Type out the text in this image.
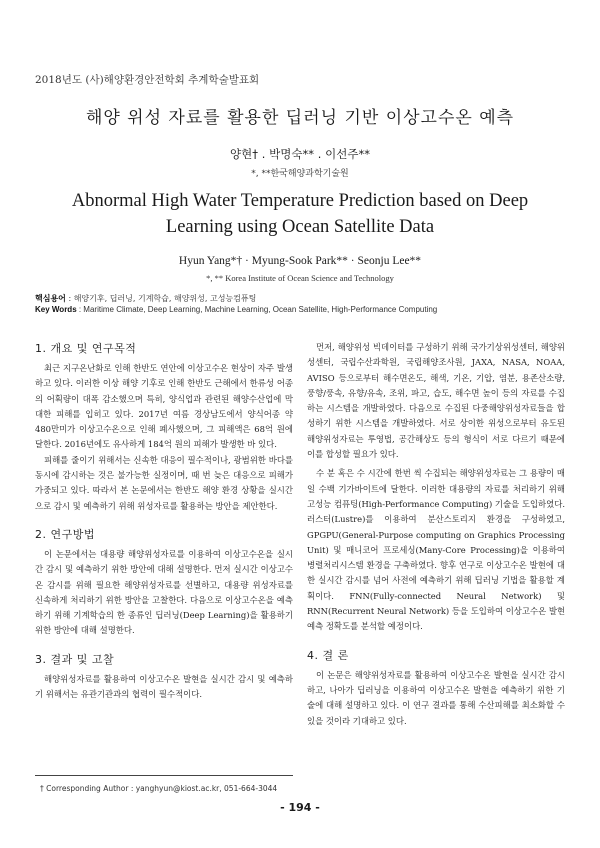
2018년도 (사)해양환경안전학회 추계학술발표회
해양 위성 자료를 활용한 딥러닝 기반 이상고수온 예측
양현† ․ 박명숙** ․ 이선주**
*, **한국해양과학기술원
Abnormal High Water Temperature Prediction based on Deep Learning using Ocean Satellite Data
Hyun Yang*† · Myung-Sook Park** · Seonju Lee**
*, ** Korea Institute of Ocean Science and Technology
핵심용어 : 해양기후, 딥러닝, 기계학습, 해양위성, 고성능컴퓨팅
Key Words : Maritime Climate, Deep Learning, Machine Learning, Ocean Satellite, High-Performance Computing
1. 개요 및 연구목적

최근 지구온난화로 인해 한반도 연안에 이상고수온 현상이 자주 발생하고 있다. 이러한 이상 해양 기후로 인해 한반도 근해에서 한류성 어종의 어획량이 대폭 감소했으며 특히, 양식업과 관련된 해양수산업에 막대한 피해를 입히고 있다. 2017년 여름 경상남도에서 양식어종 약 480만미가 이상고수온으로 인해 폐사했으며, 그 피해액은 68억 원에 달한다. 2016년에도 유사하게 184억 원의 피해가 발생한 바 있다.

피해를 줄이기 위해서는 신속한 대응이 필수적이나, 광범위한 바다를 동시에 감시하는 것은 불가능한 실정이며, 때 번 늦은 대응으로 피해가 가중되고 있다. 따라서 본 논문에서는 한반도 해양 환경 상황을 실시간으로 감시 및 예측하기 위해 위성자료를 활용하는 방안을 제안한다.

2. 연구방법

이 논문에서는 대용량 해양위성자료를 이용하여 이상고수온을 실시간 감시 및 예측하기 위한 방안에 대해 설명한다. 먼저 실시간 이상고수온 감시를 위해 필요한 해양위성자료를 선별하고, 대용량 위성자료를 신속하게 처리하기 위한 방안을 고찰한다. 다음으로 이상고수온을 예측하기 위해 기계학습의 한 종류인 딥러닝(Deep Learning)을 활용하기 위한 방안에 대해 설명한다.

3. 결과 및 고찰

해양위성자료를 활용하여 이상고수온 발현을 실시간 감시 및 예측하기 위해서는 유관기관과의 협력이 필수적이다.

먼저, 해양위성 빅데이터를 구성하기 위해 국가기상위성센터, 해양위성센터, 국립수산과학원, 국립해양조사원, JAXA, NASA, NOAA, AVISO 등으로부터 해수면온도, 해색, 기온, 기압, 염분, 용존산소량, 풍향/풍속, 유향/유속, 조위, 파고, 습도, 해수면 높이 등의 자료를 수집하는 시스템을 개발하였다. 다음으로 수집된 다중해양위성자료들을 합성하기 위한 시스템을 개발하였다. 서로 상이한 위성으로부터 유도된 해양위성자료는 투영법, 공간해상도 등의 형식이 서로 다르기 때문에 이를 합성할 필요가 있다.

수 분 혹은 수 시간에 한번 씩 수집되는 해양위성자료는 그 용량이 매일 수백 기가바이트에 달한다. 이러한 대용량의 자료를 처리하기 위해 고성능 컴퓨팅(High-Performance Computing) 기술을 도입하였다. 러스터(Lustre)를 이용하여 분산스토리지 환경을 구성하였고, GPGPU(General-Purpose computing on Graphics Processing Unit) 및 매니코어 프로세싱(Many-Core Processing)을 이용하여 병렬처리시스템 환경을 구축하였다. 향후 연구로 이상고수온 발현에 대한 실시간 감시를 넘어 사전에 예측하기 위해 딥러닝 기법을 활용할 계획이다. FNN(Fully-connected Neural Network) 및 RNN(Recurrent Neural Network) 등을 도입하여 이상고수온 발현 예측 정확도를 분석할 예정이다.

4. 결 론

이 논문은 해양위성자료를 활용하여 이상고수온 발현을 실시간 감시하고, 나아가 딥러닝을 이용하여 이상고수온 발현을 예측하기 위한 기술에 대해 설명하고 있다. 이 연구 결과를 통해 수산피해를 최소화할 수 있을 것이라 기대하고 있다.

† Corresponding Author : yanghyun@kiost.ac.kr, 051-664-3044
- 194 -
